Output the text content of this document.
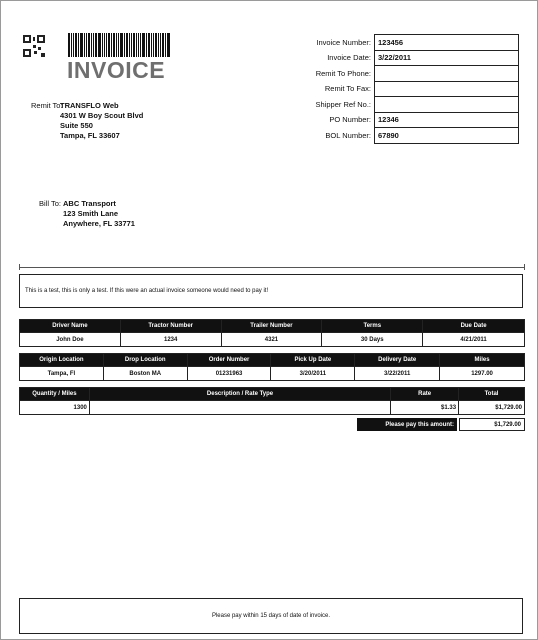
INVOICE
Invoice Number:	123456
Invoice Date:	3/22/2011
Remit To Phone:	
Remit To Fax:	
Shipper Ref No.:	
PO Number:	12346
BOL Number:	67890
Remit To:
TRANSFLO Web
4301 W Boy Scout Blvd
Suite 550
Tampa, FL 33607
Bill To: ABC Transport
123 Smith Lane
Anywhere, FL 33771
This is a test, this is only a test. If this were an actual invoice someone would need to pay it!
Driver Name	Tractor Number	Trailer Number	Terms	Due Date
John Doe	1234	4321	30 Days	4/21/2011
Origin Location	Drop Location	Order Number	Pick Up Date	Delivery Date	Miles
Tampa, Fl	Boston MA	01231963	3/20/2011	3/22/2011	1297.00
Quantity / Miles	Description / Rate Type	Rate	Total
1300		$1.33	$1,729.00
Please pay this amount:	$1,729.00
Please pay within 15 days of date of invoice.
